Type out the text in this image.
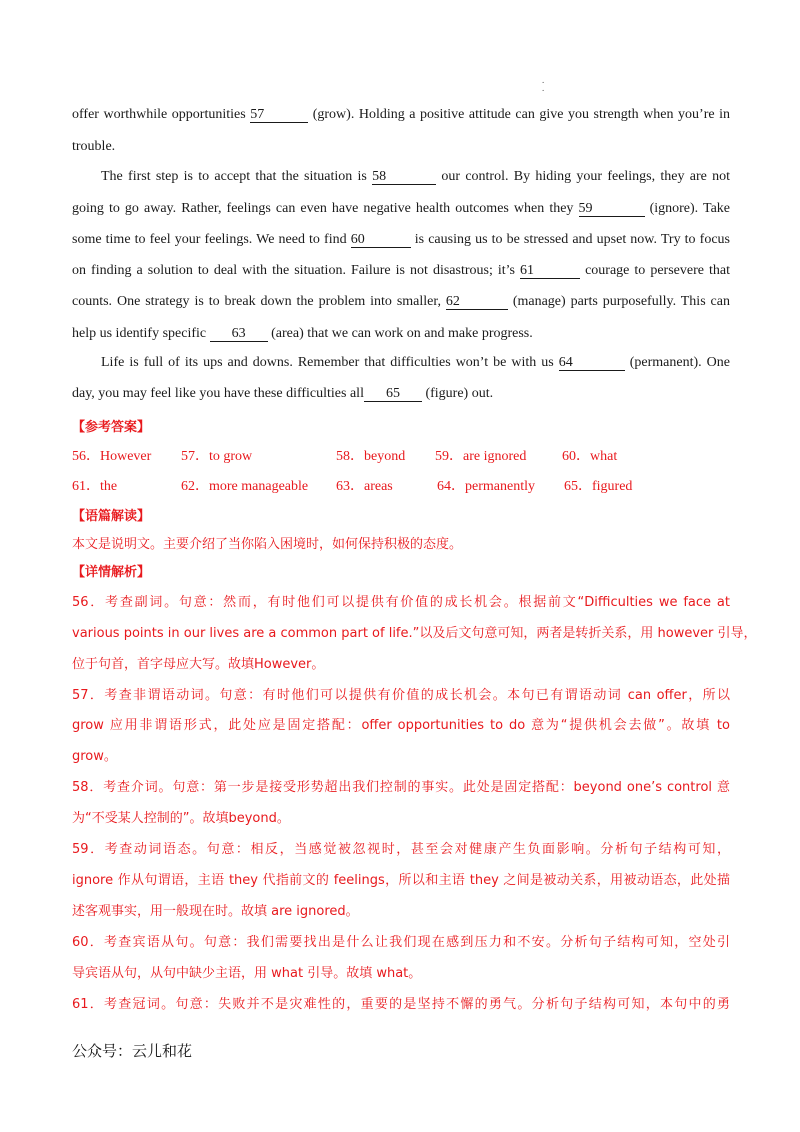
.
.
offer worthwhile opportunities 57	(grow). Holding a positive attitude can give you strength when you’re in
trouble.
The first step is to accept that the situation is 58	our control. By hiding your feelings, they are not
going to go away. Rather, feelings can even have negative health outcomes when they 59	(ignore). Take
some time to feel your feelings. We need to find 60	is causing us to be stressed and upset now. Try to focus
on finding a solution to deal with the situation. Failure is not disastrous; it’s 61	courage to persevere that
counts. One strategy is to break down the problem into smaller, 62	(manage) parts purposefully. This can
help us identify specific 63 (area) that we can work on and make progress.
Life is full of its ups and downs. Remember that difficulties won’t be with us 64	(permanent). One
day, you may feel like you have these difficulties all 65 (figure) out.
【参考答案】
56．However 57．to grow	58．beyond 59．are ignored	60．what
61．the	62．more manageable 63．areas	64．permanently 65．figured
【语篇解读】
本文是说明文。主要介绍了当你陷入困境时，如何保持积极的态度。
【详情解析】
56．考查副词。句意：然而，有时他们可以提供有价值的成长机会。根据前文“Difficulties we face at
various points in our lives are a common part of life.”以及后文句意可知，两者是转折关系，用 however 引导，
位于句首，首字母应大写。故填However。
57．考查非谓语动词。句意：有时他们可以提供有价值的成长机会。本句已有谓语动词 can offer，所以
grow 应用非谓语形式，此处应是固定搭配：offer opportunities to do 意为“提供机会去做”。故填 to
grow。
58．考查介词。句意：第一步是接受形势超出我们控制的事实。此处是固定搭配：beyond one’s control 意
为“不受某人控制的”。故填beyond。
59．考查动词语态。句意：相反，当感觉被忽视时，甚至会对健康产生负面影响。分析句子结构可知，
ignore 作从句谓语，主语 they 代指前文的 feelings，所以和主语 they 之间是被动关系，用被动语态，此处描
述客观事实，用一般现在时。故填 are ignored。
60．考查宾语从句。句意：我们需要找出是什么让我们现在感到压力和不安。分析句子结构可知，空处引
导宾语从句，从句中缺少主语，用 what 引导。故填 what。
61．考查冠词。句意：失败并不是灾难性的，重要的是坚持不懈的勇气。分析句子结构可知，本句中的勇
公众号：云儿和花
